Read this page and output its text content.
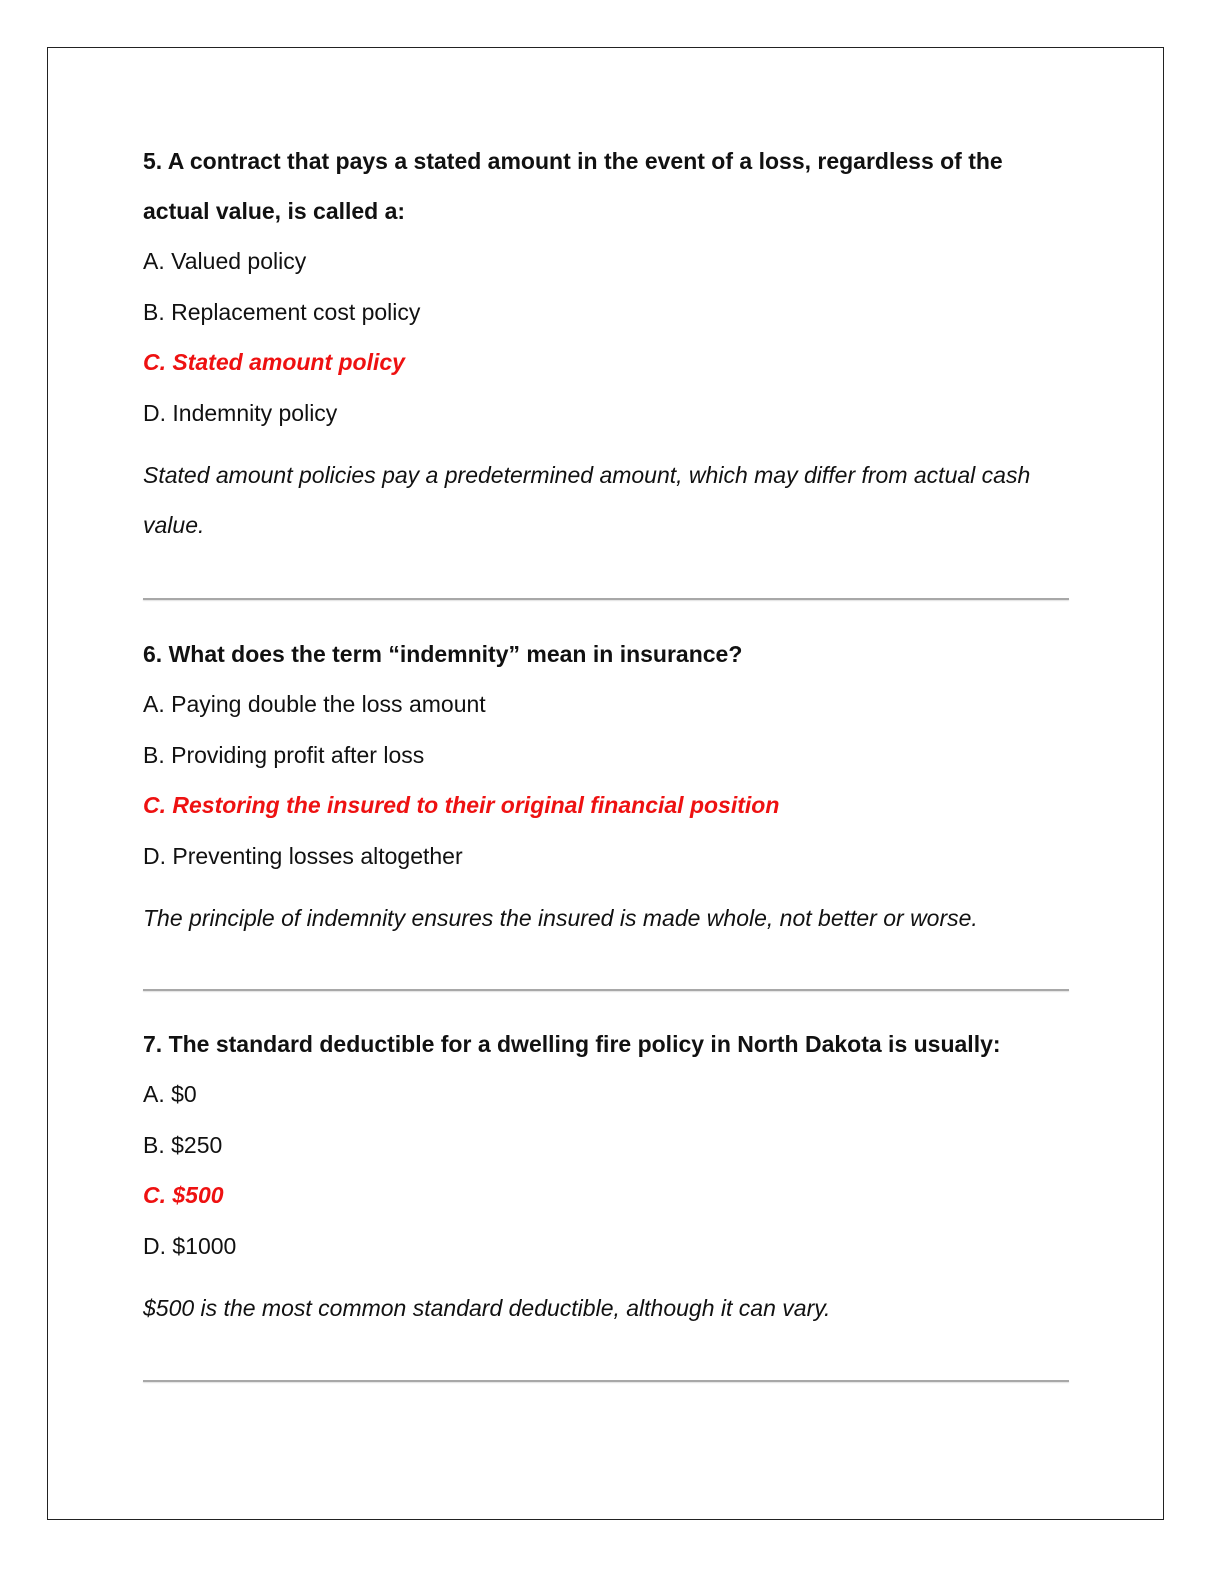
5. A contract that pays a stated amount in the event of a loss, regardless of the actual value, is called a:

A. Valued policy

B. Replacement cost policy

C. Stated amount policy

D. Indemnity policy

Stated amount policies pay a predetermined amount, which may differ from actual cash value.

6. What does the term “indemnity” mean in insurance?

A. Paying double the loss amount

B. Providing profit after loss

C. Restoring the insured to their original financial position

D. Preventing losses altogether

The principle of indemnity ensures the insured is made whole, not better or worse.

7. The standard deductible for a dwelling fire policy in North Dakota is usually:

A. $0

B. $250

C. $500

D. $1000

$500 is the most common standard deductible, although it can vary.
